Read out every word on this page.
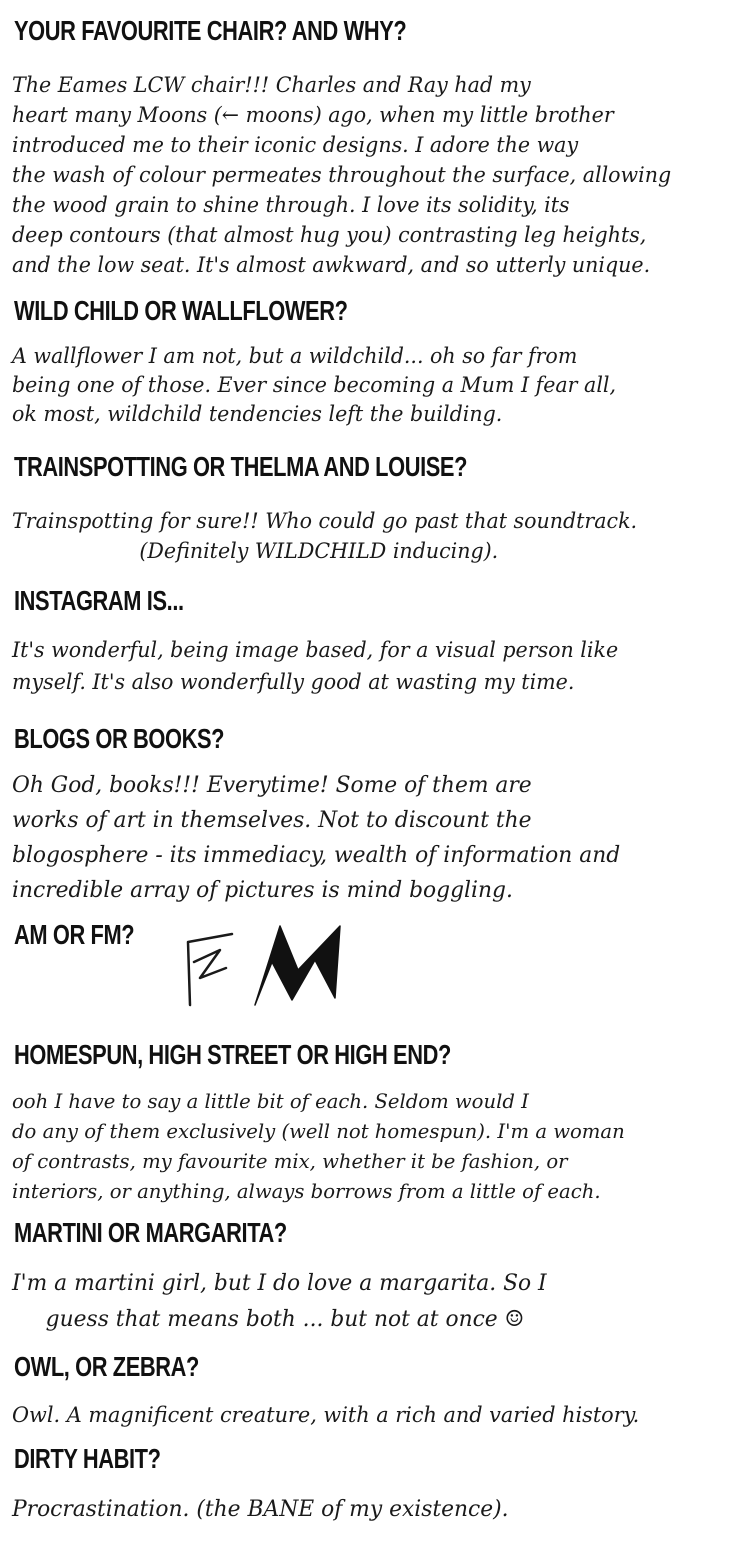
YOUR FAVOURITE CHAIR? AND WHY?
The Eames LCW chair!!! Charles and Ray had my
heart many Moons (← moons) ago, when my little brother
introduced me to their iconic designs. I adore the way
the wash of colour permeates throughout the surface, allowing
the wood grain to shine through. I love its solidity, its
deep contours (that almost hug you) contrasting leg heights,
and the low seat. It's almost awkward, and so utterly unique.
WILD CHILD OR WALLFLOWER?
A wallflower I am not, but a wildchild... oh so far from
being one of those. Ever since becoming a Mum I fear all,
ok most, wildchild tendencies left the building.
TRAINSPOTTING OR THELMA AND LOUISE?
Trainspotting for sure!! Who could go past that soundtrack.
(Definitely WILDCHILD inducing).
INSTAGRAM IS...
It's wonderful, being image based, for a visual person like
myself. It's also wonderfully good at wasting my time.
BLOGS OR BOOKS?
Oh God, books!!! Everytime! Some of them are
works of art in themselves. Not to discount the
blogosphere - its immediacy, wealth of information and
incredible array of pictures is mind boggling.
AM OR FM?
HOMESPUN, HIGH STREET OR HIGH END?
ooh I have to say a little bit of each. Seldom would I
do any of them exclusively (well not homespun). I'm a woman
of contrasts, my favourite mix, whether it be fashion, or
interiors, or anything, always borrows from a little of each.
MARTINI OR MARGARITA?
I'm a martini girl, but I do love a margarita. So I
guess that means both ... but not at once ☺
OWL, OR ZEBRA?
Owl. A magnificent creature, with a rich and varied history.
DIRTY HABIT?
Procrastination. (the BANE of my existence).
